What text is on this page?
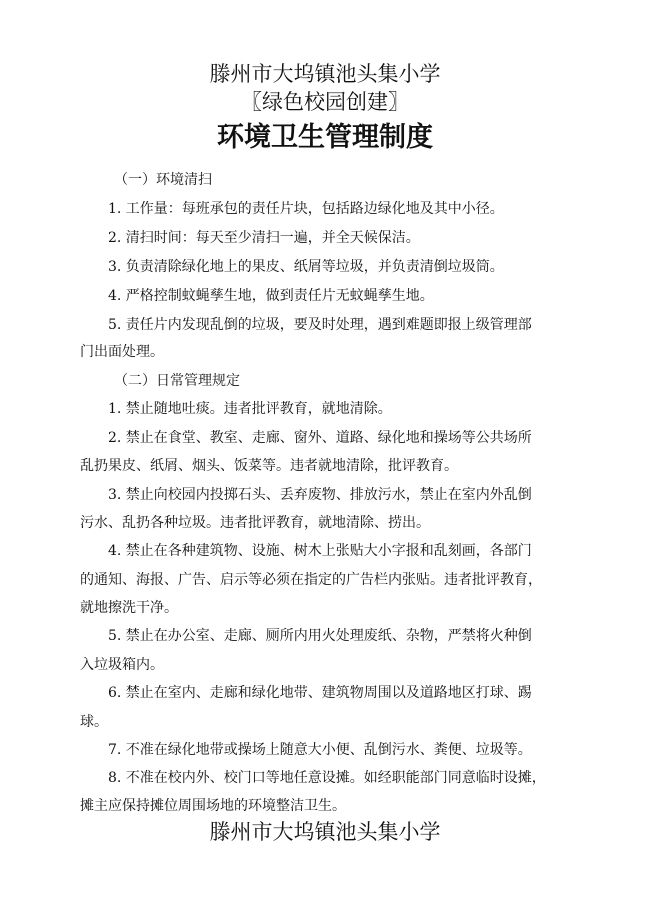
滕州市大坞镇池头集小学
〖绿色校园创建〗
环境卫生管理制度
（一）环境清扫
1. 工作量：每班承包的责任片块，包括路边绿化地及其中小径。
2. 清扫时间：每天至少清扫一遍，并全天候保洁。
3. 负责清除绿化地上的果皮、纸屑等垃圾，并负责清倒垃圾筒。
4. 严格控制蚊蝇孳生地，做到责任片无蚊蝇孳生地。
5. 责任片内发现乱倒的垃圾，要及时处理，遇到难题即报上级管理部
门出面处理。
（二）日常管理规定
1. 禁止随地吐痰。违者批评教育，就地清除。
2. 禁止在食堂、教室、走廊、窗外、道路、绿化地和操场等公共场所
乱扔果皮、纸屑、烟头、饭菜等。违者就地清除，批评教育。
3. 禁止向校园内投掷石头、丢弃废物、排放污水，禁止在室内外乱倒
污水、乱扔各种垃圾。违者批评教育，就地清除、捞出。
4. 禁止在各种建筑物、设施、树木上张贴大小字报和乱刻画，各部门
的通知、海报、广告、启示等必须在指定的广告栏内张贴。违者批评教育，
就地擦洗干净。
5. 禁止在办公室、走廊、厕所内用火处理废纸、杂物，严禁将火种倒
入垃圾箱内。
6. 禁止在室内、走廊和绿化地带、建筑物周围以及道路地区打球、踢
球。
7. 不准在绿化地带或操场上随意大小便、乱倒污水、粪便、垃圾等。
8. 不准在校内外、校门口等地任意设摊。如经职能部门同意临时设摊，
摊主应保持摊位周围场地的环境整洁卫生。
滕州市大坞镇池头集小学
